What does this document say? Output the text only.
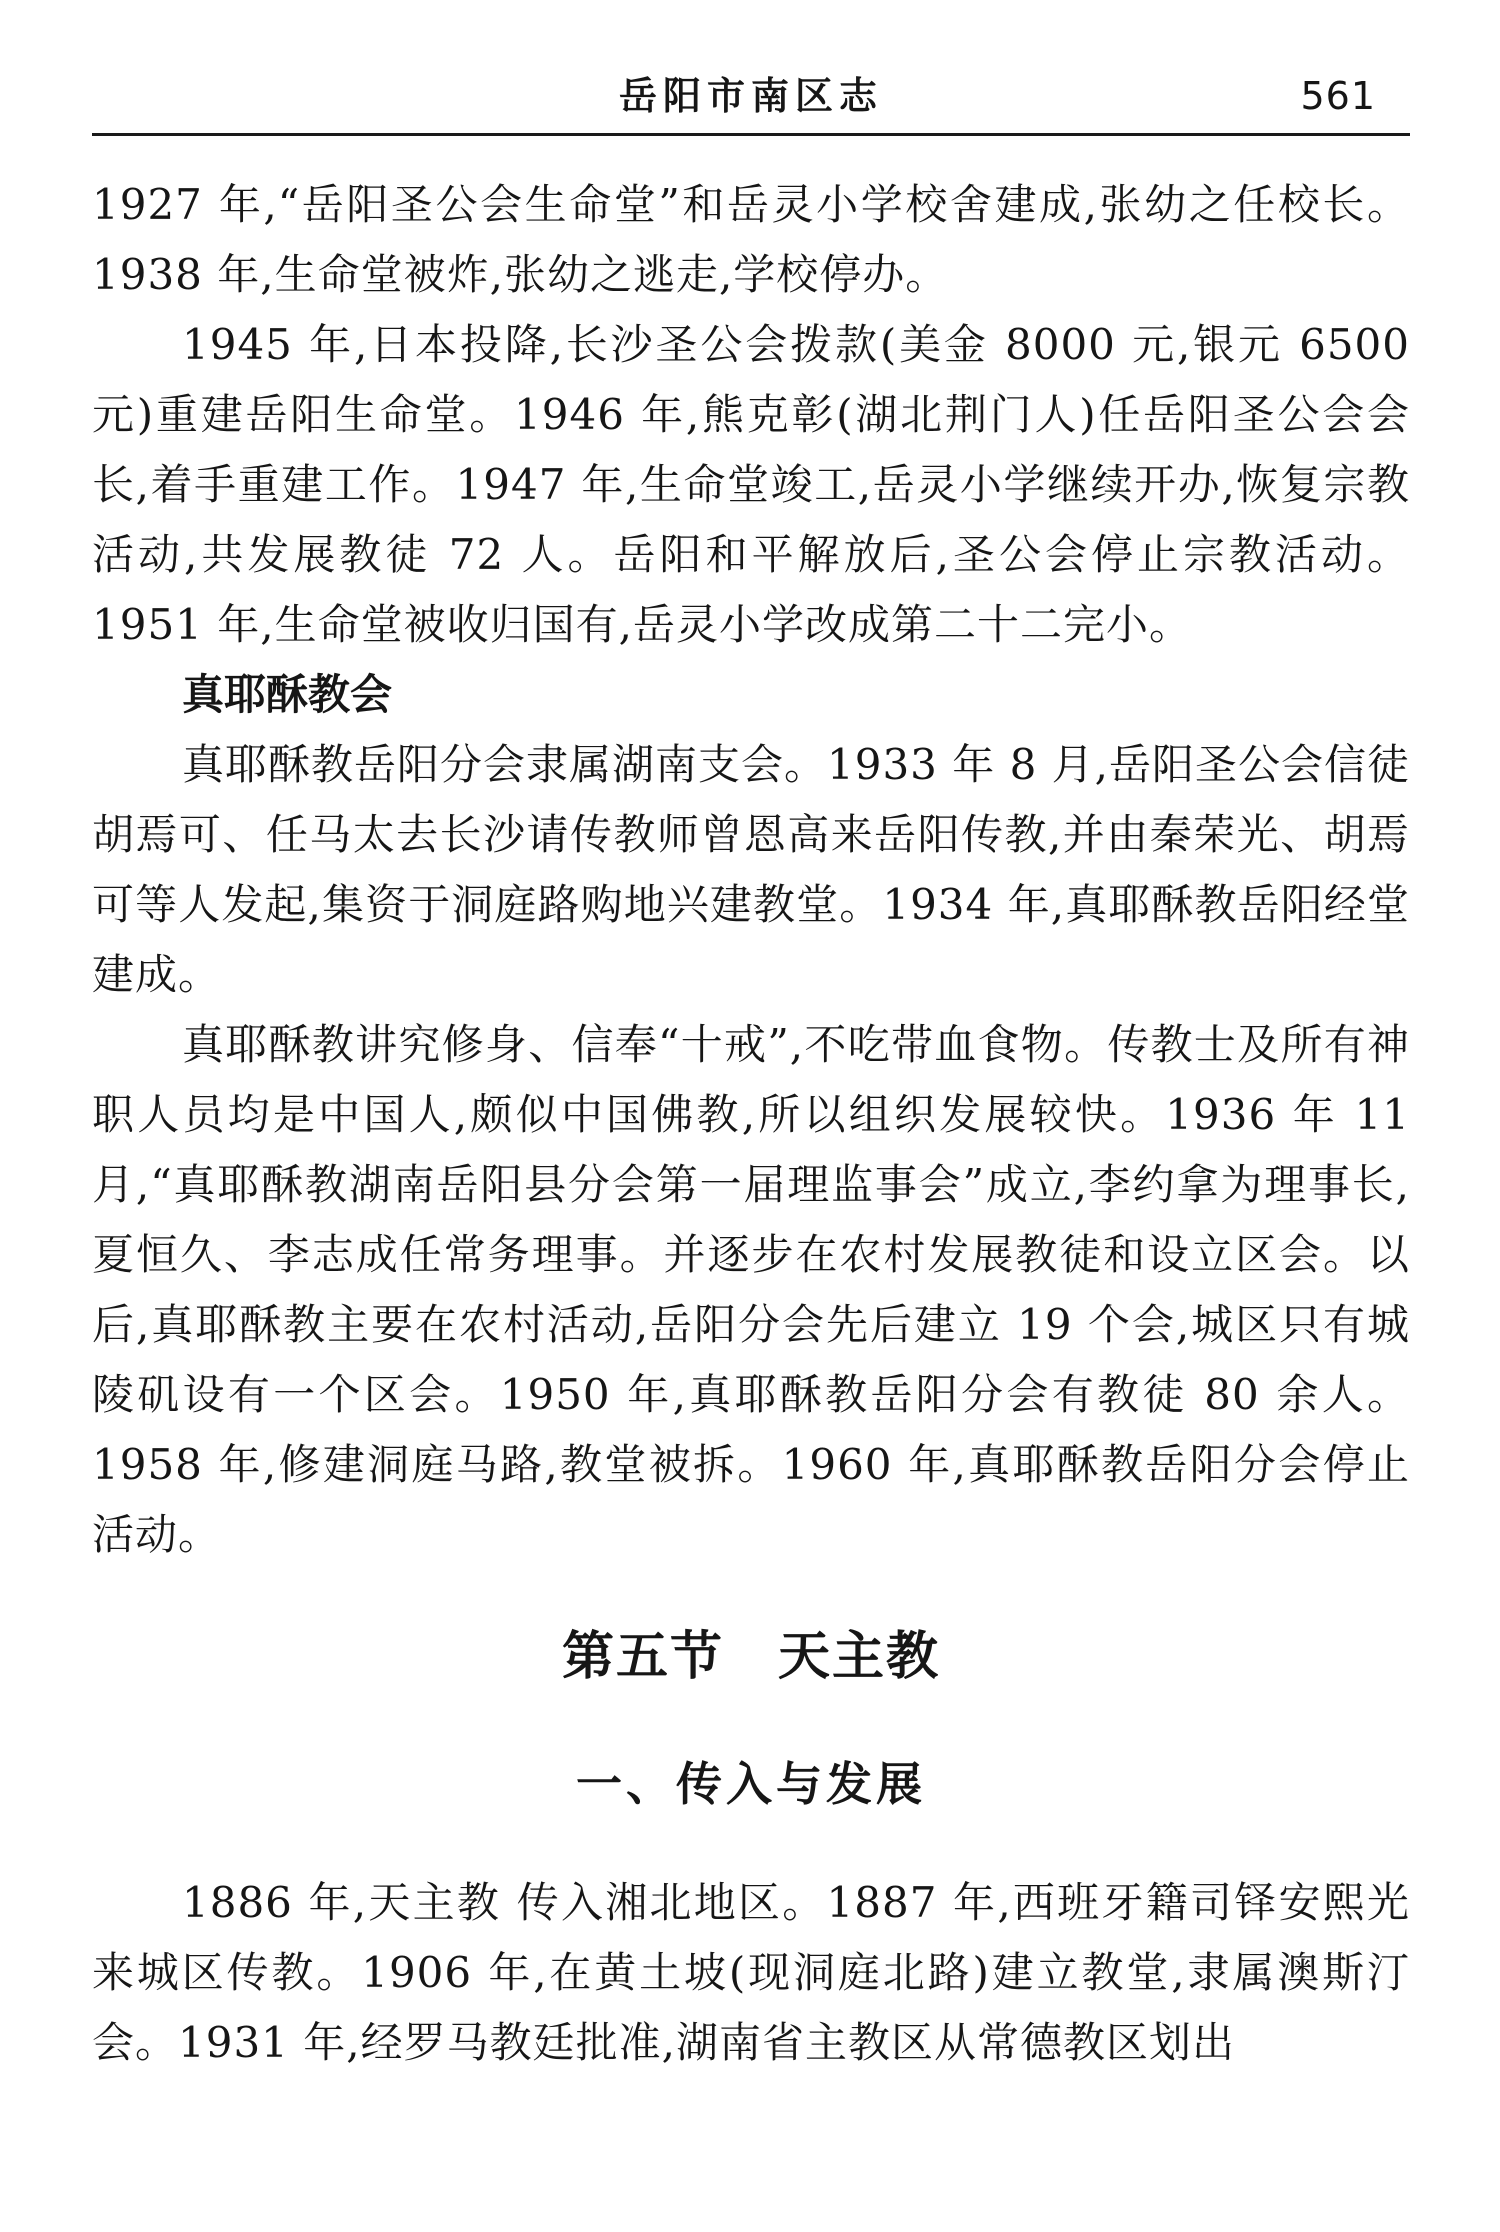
岳阳市南区志	561

1927 年,“岳阳圣公会生命堂”和岳灵小学校舍建成,张幼之任校长。1938 年,生命堂被炸,张幼之逃走,学校停办。

1945 年,日本投降,长沙圣公会拨款(美金 8000 元,银元 6500 元)重建岳阳生命堂。1946 年,熊克彰(湖北荆门人)任岳阳圣公会会长,着手重建工作。1947 年,生命堂竣工,岳灵小学继续开办,恢复宗教活动,共发展教徒 72 人。岳阳和平解放后,圣公会停止宗教活动。1951 年,生命堂被收归国有,岳灵小学改成第二十二完小。

真耶酥教会

真耶酥教岳阳分会隶属湖南支会。1933 年 8 月,岳阳圣公会信徒胡焉可、任马太去长沙请传教师曾恩高来岳阳传教,并由秦荣光、胡焉可等人发起,集资于洞庭路购地兴建教堂。1934 年,真耶酥教岳阳经堂建成。

真耶酥教讲究修身、信奉“十戒”,不吃带血食物。传教士及所有神职人员均是中国人,颇似中国佛教,所以组织发展较快。1936 年 11 月,“真耶酥教湖南岳阳县分会第一届理监事会”成立,李约拿为理事长,夏恒久、李志成任常务理事。并逐步在农村发展教徒和设立区会。以后,真耶酥教主要在农村活动,岳阳分会先后建立 19 个会,城区只有城陵矶设有一个区会。1950 年,真耶酥教岳阳分会有教徒 80 余人。1958 年,修建洞庭马路,教堂被拆。1960 年,真耶酥教岳阳分会停止活动。

第五节　天主教
一、传入与发展

1886 年,天主教 传入湘北地区。1887 年,西班牙籍司铎安熙光来城区传教。1906 年,在黄土坡(现洞庭北路)建立教堂,隶属澳斯汀会。1931 年,经罗马教廷批准,湖南省主教区从常德教区划出
